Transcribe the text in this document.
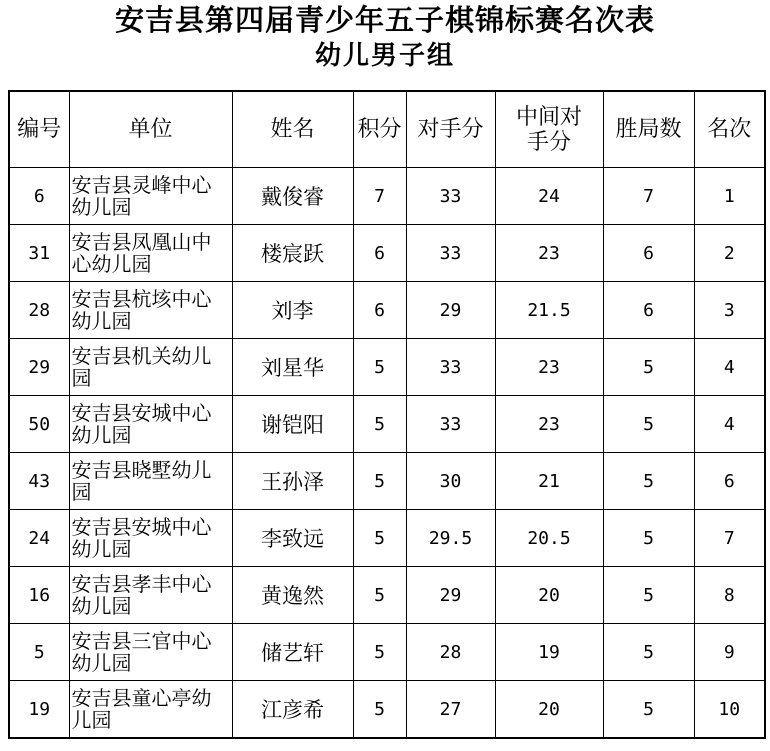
安吉县第四届青少年五子棋锦标赛名次表
幼儿男子组
编号	单位	姓名	积分	对手分	中间对手分	胜局数	名次
6	安吉县灵峰中心幼儿园	戴俊睿	7	33	24	7	1
31	安吉县凤凰山中心幼儿园	楼宸跃	6	33	23	6	2
28	安吉县杭垓中心幼儿园	刘李	6	29	21.5	6	3
29	安吉县机关幼儿园	刘星华	5	33	23	5	4
50	安吉县安城中心幼儿园	谢铠阳	5	33	23	5	4
43	安吉县晓墅幼儿园	王孙泽	5	30	21	5	6
24	安吉县安城中心幼儿园	李致远	5	29.5	20.5	5	7
16	安吉县孝丰中心幼儿园	黄逸然	5	29	20	5	8
5	安吉县三官中心幼儿园	储艺轩	5	28	19	5	9
19	安吉县童心亭幼儿园	江彦希	5	27	20	5	10
